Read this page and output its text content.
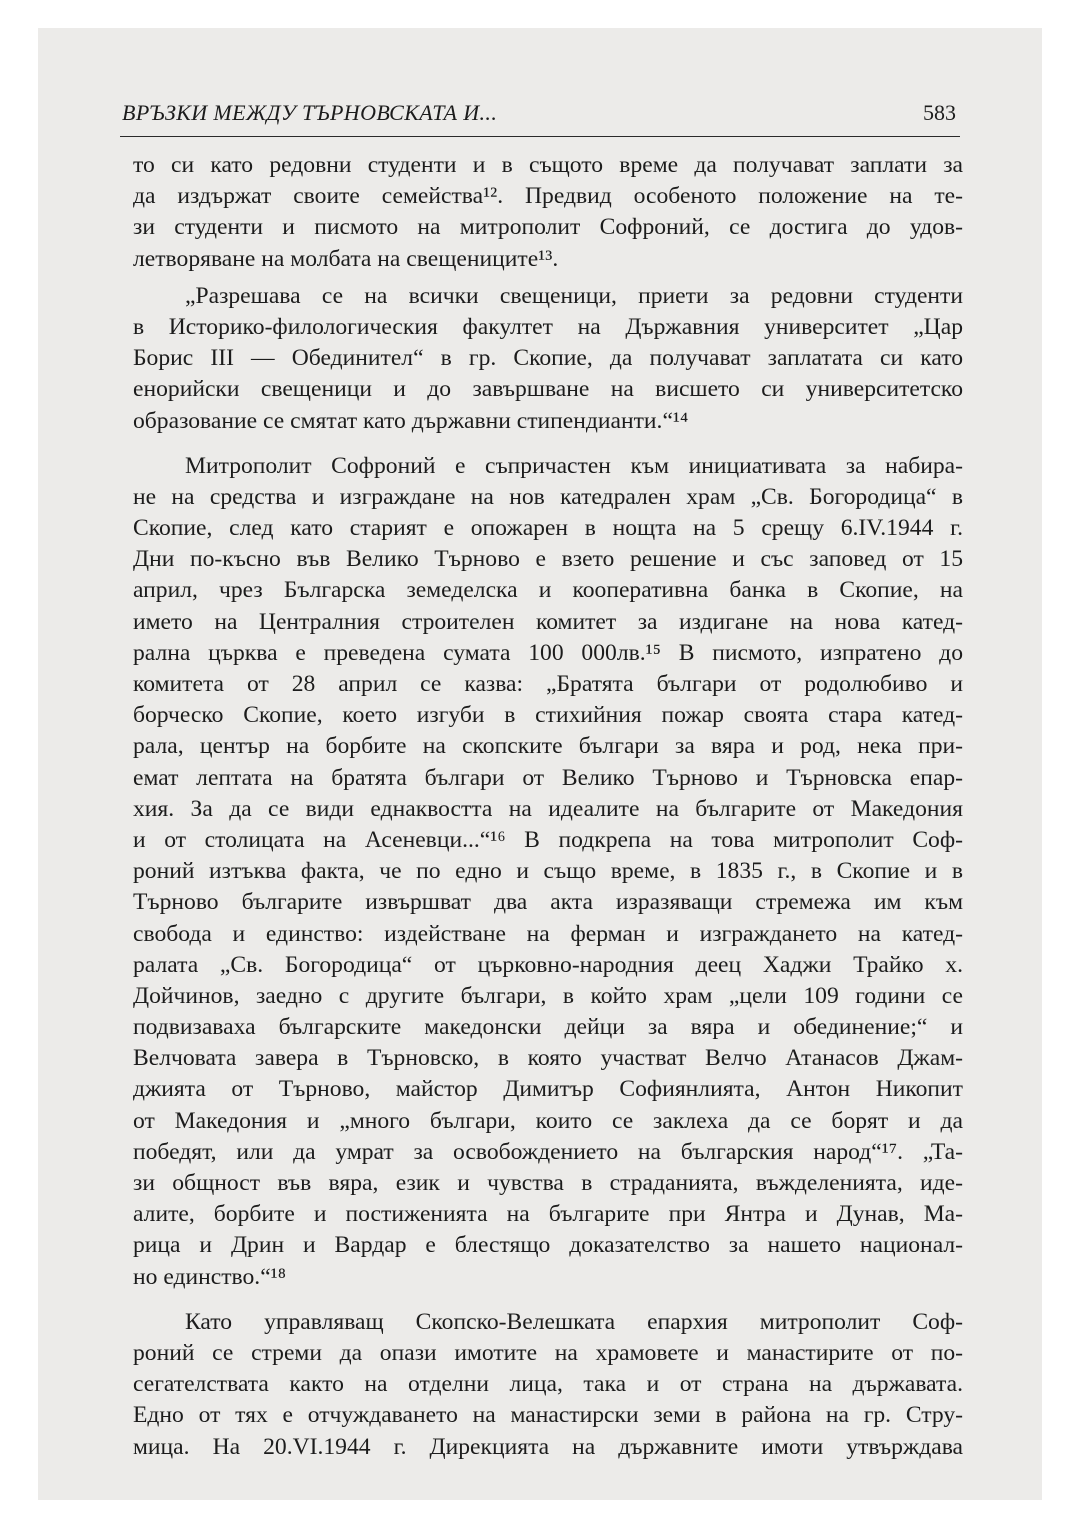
ВРЪЗКИ МЕЖДУ ТЪРНОВСКАТА И...	583
то си като редовни студенти и в същото време да получават заплати за
да издържат своите семейства¹². Предвид особеното положение на те-
зи студенти и писмото на митрополит Софроний, се достига до удов-
летворяване на молбата на свещениците¹³.
„Разрешава се на всички свещеници, приети за редовни студенти
в Историко-филологическия факултет на Държавния университет „Цар
Борис III — Обединител“ в гр. Скопие, да получават заплатата си като
енорийски свещеници и до завършване на висшето си университетско
образование се смятат като държавни стипендианти.“¹⁴
Митрополит Софроний е съпричастен към инициативата за набира-
не на средства и изграждане на нов катедрален храм „Св. Богородица“ в
Скопие, след като старият е опожарен в нощта на 5 срещу 6.IV.1944 г.
Дни по-късно във Велико Търново е взето решение и със заповед от 15
април, чрез Българска земеделска и кооперативна банка в Скопие, на
името на Централния строителен комитет за издигане на нова катед-
рална църква е преведена сумата 100 000лв.¹⁵ В писмото, изпратено до
комитета от 28 април се казва: „Братята българи от родолюбиво и
борческо Скопие, което изгуби в стихийния пожар своята стара катед-
рала, център на борбите на скопските българи за вяра и род, нека при-
емат лептата на братята българи от Велико Търново и Търновска епар-
хия. За да се види еднаквостта на идеалите на българите от Македония
и от столицата на Асеневци...“¹⁶ В подкрепа на това митрополит Соф-
роний изтъква факта, че по едно и също време, в 1835 г., в Скопие и в
Търново българите извършват два акта изразяващи стремежа им към
свобода и единство: издействане на ферман и изграждането на катед-
ралата „Св. Богородица“ от църковно-народния деец Хаджи Трайко х.
Дойчинов, заедно с другите българи, в който храм „цели 109 години се
подвизаваха българските македонски дейци за вяра и обединение;“ и
Велчовата завера в Търновско, в която участват Велчо Атанасов Джам-
джията от Търново, майстор Димитър Софиянлията, Антон Никопит
от Македония и „много българи, които се заклеха да се борят и да
победят, или да умрат за освобождението на българския народ“¹⁷. „Та-
зи общност във вяра, език и чувства в страданията, въжделенията, иде-
алите, борбите и постиженията на българите при Янтра и Дунав, Ма-
рица и Дрин и Вардар е блестящо доказателство за нашето национал-
но единство.“¹⁸
Като управляващ Скопско-Велешката епархия митрополит Соф-
роний се стреми да опази имотите на храмовете и манастирите от по-
сегателствата както на отделни лица, така и от страна на държавата.
Едно от тях е отчуждаването на манастирски земи в района на гр. Стру-
мица. На 20.VI.1944 г. Дирекцията на държавните имоти утвърждава
